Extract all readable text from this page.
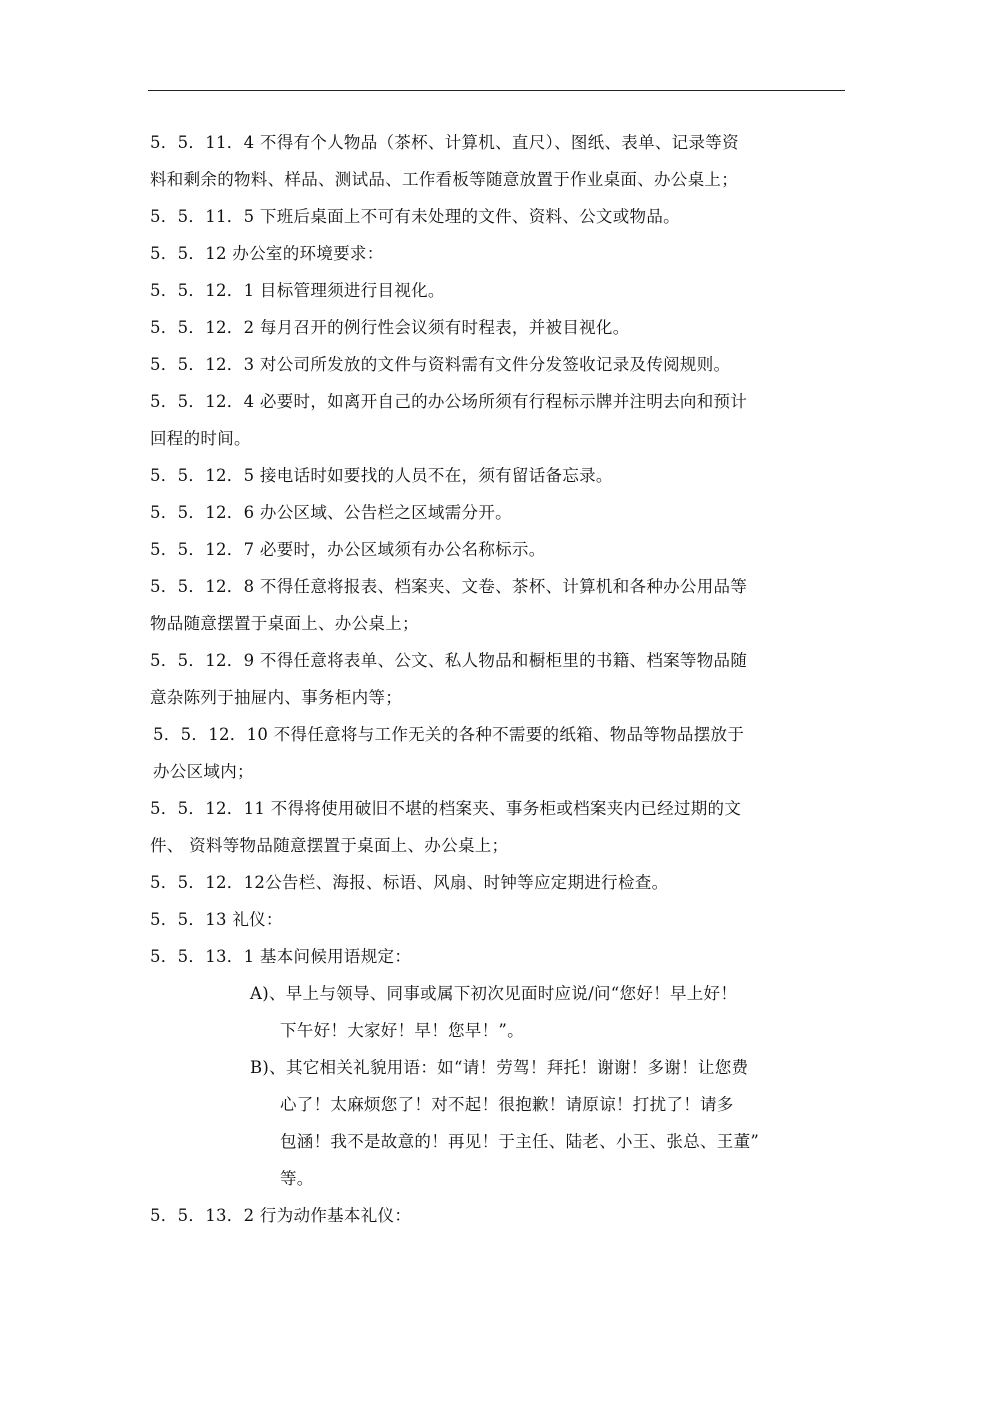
5．5．11．4 不得有个人物品（茶杯、计算机、直尺）、图纸、表单、记录等资
料和剩余的物料、样品、测试品、工作看板等随意放置于作业桌面、办公桌上；
5．5．11．5 下班后桌面上不可有未处理的文件、资料、公文或物品。
5．5．12 办公室的环境要求：
5．5．12．1 目标管理须进行目视化。
5．5．12．2 每月召开的例行性会议须有时程表，并被目视化。
5．5．12．3 对公司所发放的文件与资料需有文件分发签收记录及传阅规则。
5．5．12．4 必要时，如离开自己的办公场所须有行程标示牌并注明去向和预计
回程的时间。
5．5．12．5 接电话时如要找的人员不在，须有留话备忘录。
5．5．12．6 办公区域、公告栏之区域需分开。
5．5．12．7 必要时，办公区域须有办公名称标示。
5．5．12．8 不得任意将报表、档案夹、文卷、茶杯、计算机和各种办公用品等
物品随意摆置于桌面上、办公桌上；
5．5．12．9 不得任意将表单、公文、私人物品和橱柜里的书籍、档案等物品随
意杂陈列于抽屉内、事务柜内等；
5．5．12．10 不得任意将与工作无关的各种不需要的纸箱、物品等物品摆放于
办公区域内；
5．5．12．11 不得将使用破旧不堪的档案夹、事务柜或档案夹内已经过期的文
件、 资料等物品随意摆置于桌面上、办公桌上；
5．5．12．12公告栏、海报、标语、风扇、时钟等应定期进行检查。
5．5．13 礼仪：
5．5．13．1 基本问候用语规定：
A)、早上与领导、同事或属下初次见面时应说/问“您好！早上好！
下午好！大家好！早！您早！”。
B)、其它相关礼貌用语：如“请！劳驾！拜托！谢谢！多谢！让您费
心了！太麻烦您了！对不起！很抱歉！请原谅！打扰了！请多
包涵！我不是故意的！再见！于主任、陆老、小王、张总、王董”
等。
5．5．13．2 行为动作基本礼仪：
